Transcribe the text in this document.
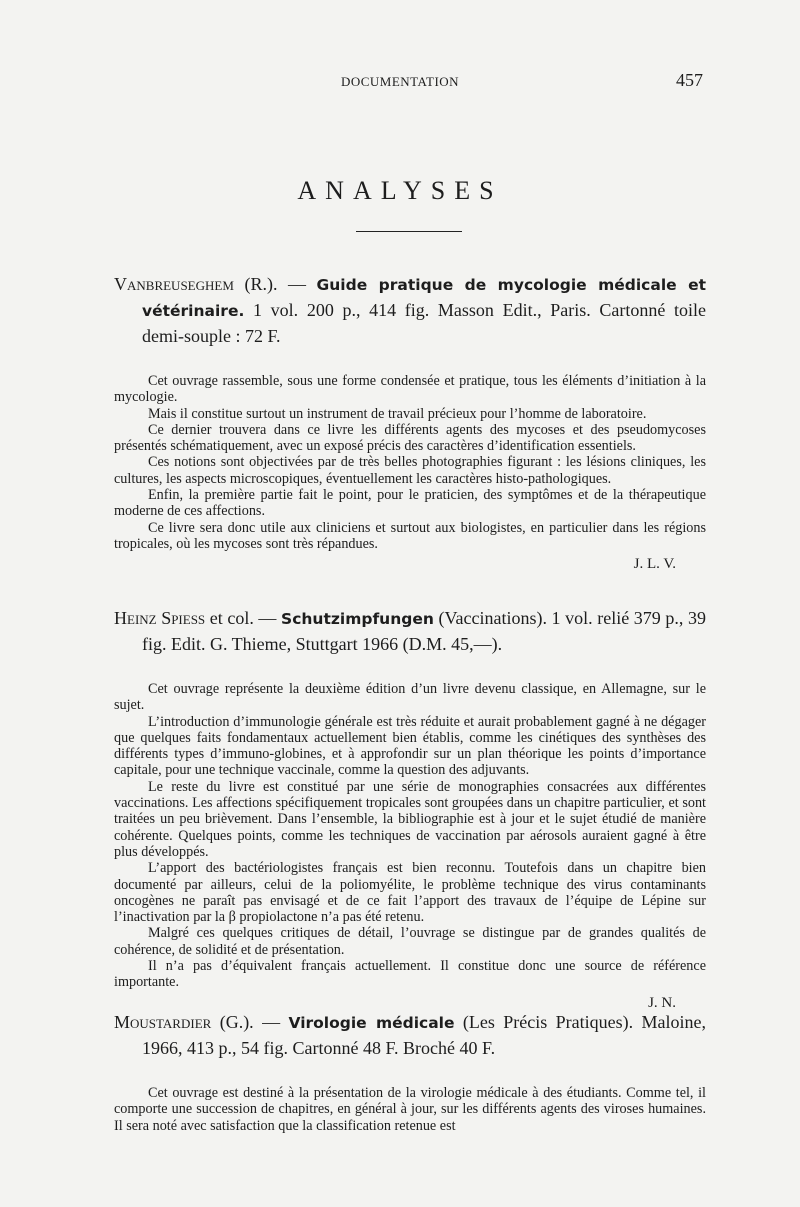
DOCUMENTATION	457
ANALYSES
Vanbreuseghem (R.). — Guide pratique de mycologie médicale et vétérinaire. 1 vol. 200 p., 414 fig. Masson Edit., Paris. Cartonné toile demi-souple : 72 F.

Cet ouvrage rassemble, sous une forme condensée et pratique, tous les éléments d’initiation à la mycologie.

Mais il constitue surtout un instrument de travail précieux pour l’homme de laboratoire.

Ce dernier trouvera dans ce livre les différents agents des mycoses et des pseudomycoses présentés schématiquement, avec un exposé précis des caractères d’identification essentiels.

Ces notions sont objectivées par de très belles photographies figurant : les lésions cliniques, les cultures, les aspects microscopiques, éventuellement les caractères histo-pathologiques.

Enfin, la première partie fait le point, pour le praticien, des symptômes et de la thérapeutique moderne de ces affections.

Ce livre sera donc utile aux cliniciens et surtout aux biologistes, en particulier dans les régions tropicales, où les mycoses sont très répandues.

J. L. V.
Heinz Spiess et col. — Schutzimpfungen (Vaccinations). 1 vol. relié 379 p., 39 fig. Edit. G. Thieme, Stuttgart 1966 (D.M. 45,—).

Cet ouvrage représente la deuxième édition d’un livre devenu classique, en Allemagne, sur le sujet.

L’introduction d’immunologie générale est très réduite et aurait probablement gagné à ne dégager que quelques faits fondamentaux actuellement bien établis, comme les cinétiques des synthèses des différents types d’immuno-globines, et à approfondir sur un plan théorique les points d’importance capitale, pour une technique vaccinale, comme la question des adjuvants.

Le reste du livre est constitué par une série de monographies consacrées aux différentes vaccinations. Les affections spécifiquement tropicales sont groupées dans un chapitre particulier, et sont traitées un peu brièvement. Dans l’ensemble, la bibliographie est à jour et le sujet étudié de manière cohérente. Quelques points, comme les techniques de vaccination par aérosols auraient gagné à être plus développés.

L’apport des bactériologistes français est bien reconnu. Toutefois dans un chapitre bien documenté par ailleurs, celui de la poliomyélite, le problème technique des virus contaminants oncogènes ne paraît pas envisagé et de ce fait l’apport des travaux de l’équipe de Lépine sur l’inactivation par la β propiolactone n’a pas été retenu.

Malgré ces quelques critiques de détail, l’ouvrage se distingue par de grandes qualités de cohérence, de solidité et de présentation.

Il n’a pas d’équivalent français actuellement. Il constitue donc une source de référence importante.

J. N.
Moustardier (G.). — Virologie médicale (Les Précis Pratiques). Maloine, 1966, 413 p., 54 fig. Cartonné 48 F. Broché 40 F.

Cet ouvrage est destiné à la présentation de la virologie médicale à des étudiants. Comme tel, il comporte une succession de chapitres, en général à jour, sur les différents agents des viroses humaines. Il sera noté avec satisfaction que la classification retenue est
